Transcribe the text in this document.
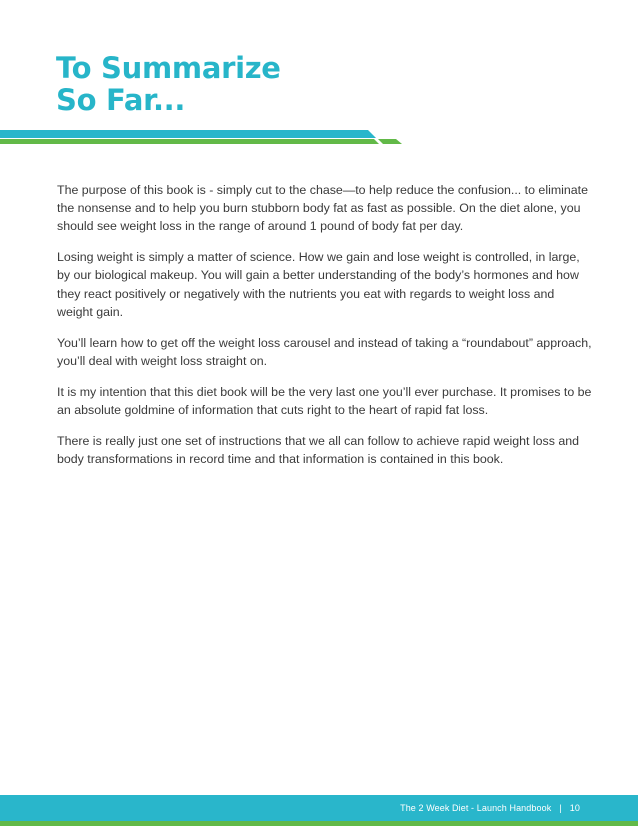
To Summarize
So Far...

The purpose of this book is - simply cut to the chase—to help reduce the confusion... to eliminate the nonsense and to help you burn stubborn body fat as fast as possible. On the diet alone, you should see weight loss in the range of around 1 pound of body fat per day.

Losing weight is simply a matter of science. How we gain and lose weight is controlled, in large, by our biological makeup. You will gain a better understanding of the body’s hormones and how they react positively or negatively with the nutrients you eat with regards to weight loss and weight gain.

You’ll learn how to get off the weight loss carousel and instead of taking a “roundabout” approach, you’ll deal with weight loss straight on.

It is my intention that this diet book will be the very last one you’ll ever purchase. It promises to be an absolute goldmine of information that cuts right to the heart of rapid fat loss.

There is really just one set of instructions that we all can follow to achieve rapid weight loss and body transformations in record time and that information is contained in this book.

The 2 Week Diet - Launch Handbook | 10
